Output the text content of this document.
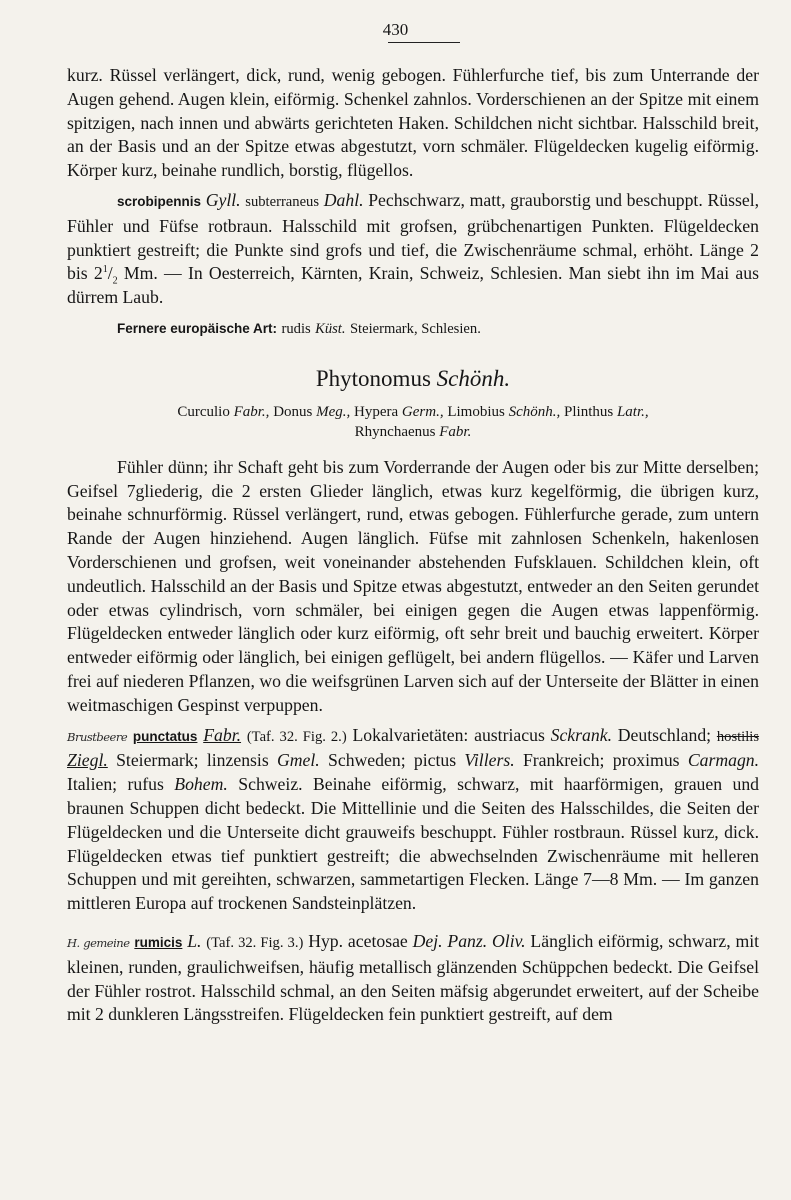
430

kurz. Rüssel verlängert, dick, rund, wenig gebogen. Fühlerfurche tief, bis zum Unterrande der Augen gehend. Augen klein, eiförmig. Schenkel zahnlos. Vorderschienen an der Spitze mit einem spitzigen, nach innen und abwärts gerichteten Haken. Schildchen nicht sichtbar. Halsschild breit, an der Basis und an der Spitze etwas abgestutzt, vorn schmäler. Flügeldecken kugelig eiförmig. Körper kurz, beinahe rundlich, borstig, flügellos.

scrobipennis Gyll. subterraneus Dahl. Pechschwarz, matt, grauborstig und beschuppt. Rüssel, Fühler und Füfse rotbraun. Halsschild mit grofsen, grübchenartigen Punkten. Flügeldecken punktiert gestreift; die Punkte sind grofs und tief, die Zwischenräume schmal, erhöht. Länge 2 bis $2^1/_2$ Mm. — In Oesterreich, Kärnten, Krain, Schweiz, Schlesien. Man siebt ihn im Mai aus dürrem Laub.

Fernere europäische Art: rudis Küst. Steiermark, Schlesien.

Phytonomus Schönh.

Curculio Fabr., Donus Meg., Hypera Germ., Limobius Schönh., Plinthus Latr.,
Rhynchaenus Fabr.

Fühler dünn; ihr Schaft geht bis zum Vorderrande der Augen oder bis zur Mitte derselben; Geifsel 7gliederig, die 2 ersten Glieder länglich, etwas kurz kegelförmig, die übrigen kurz, beinahe schnurförmig. Rüssel verlängert, rund, etwas gebogen. Fühlerfurche gerade, zum untern Rande der Augen hinziehend. Augen länglich. Füfse mit zahnlosen Schenkeln, hakenlosen Vorderschienen und grofsen, weit voneinander abstehenden Fufsklauen. Schildchen klein, oft undeutlich. Halsschild an der Basis und Spitze etwas abgestutzt, entweder an den Seiten gerundet oder etwas cylindrisch, vorn schmäler, bei einigen gegen die Augen etwas lappenförmig. Flügeldecken entweder länglich oder kurz eiförmig, oft sehr breit und bauchig erweitert. Körper entweder eiförmig oder länglich, bei einigen geflügelt, bei andern flügellos. — Käfer und Larven frei auf niederen Pflanzen, wo die weifsgrünen Larven sich auf der Unterseite der Blätter in einen weitmaschigen Gespinst verpuppen.

Brustbeere punctatus Fabr. (Taf. 32. Fig. 2.) Lokalvarietäten: austriacus Sckrank. Deutschland; hostilis Ziegl. Steiermark; linzensis Gmel. Schweden; pictus Villers. Frankreich; proximus Carmagn. Italien; rufus Bohem. Schweiz. Beinahe eiförmig, schwarz, mit haarförmigen, grauen und braunen Schuppen dicht bedeckt. Die Mittellinie und die Seiten des Halsschildes, die Seiten der Flügeldecken und die Unterseite dicht grauweifs beschuppt. Fühler rostbraun. Rüssel kurz, dick. Flügeldecken etwas tief punktiert gestreift; die abwechselnden Zwischenräume mit helleren Schuppen und mit gereihten, schwarzen, sammetartigen Flecken. Länge 7—8 Mm. — Im ganzen mittleren Europa auf trockenen Sandsteinplätzen.

H. gemeine rumicis L. (Taf. 32. Fig. 3.) Hyp. acetosae Dej. Panz. Oliv. Länglich eiförmig, schwarz, mit kleinen, runden, graulichweifsen, häufig metallisch glänzenden Schüppchen bedeckt. Die Geifsel der Fühler rostrot. Halsschild schmal, an den Seiten mäfsig abgerundet erweitert, auf der Scheibe mit 2 dunkleren Längsstreifen. Flügeldecken fein punktiert gestreift, auf dem
